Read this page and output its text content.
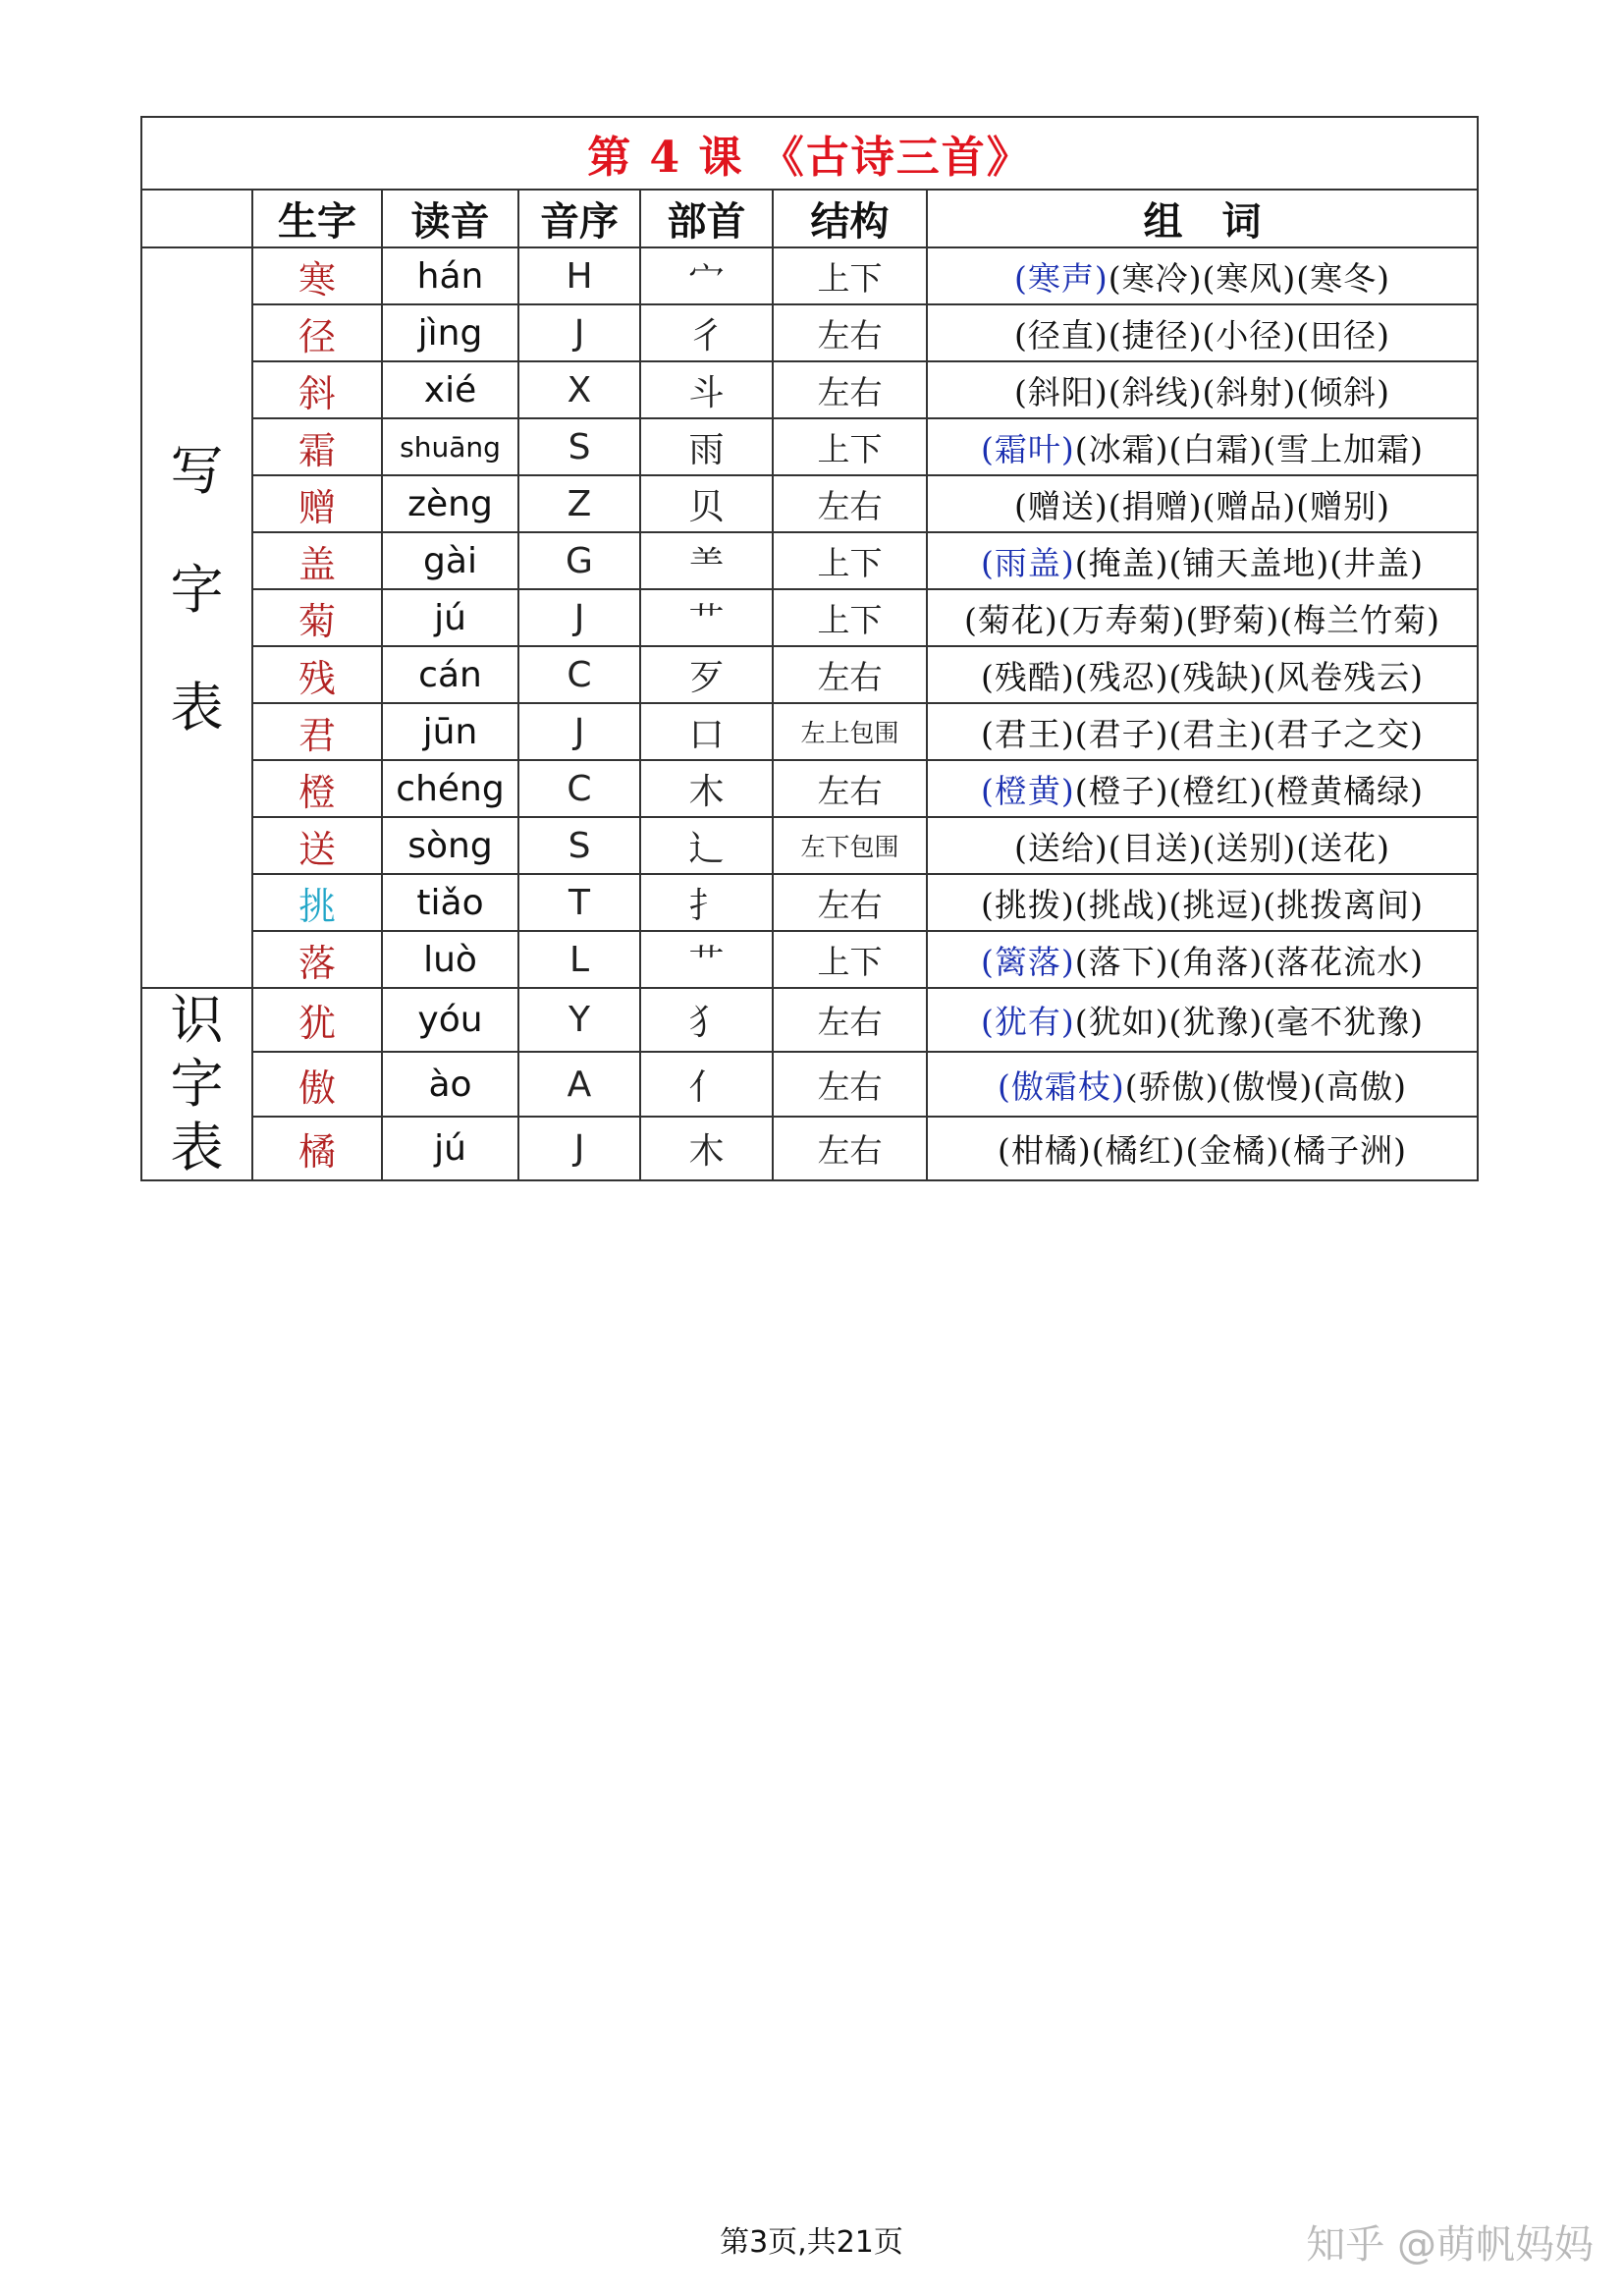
第 4 课 《古诗三首》						
	生字	读音	音序	部首	结构	组　词

写
字
表	寒	hán	H	宀	上下	(寒声)(寒冷)(寒风)(寒冬)
	径	jìng	J	彳	左右	(径直)(捷径)(小径)(田径)
	斜	xié	X	斗	左右	(斜阳)(斜线)(斜射)(倾斜)
	霜	shuāng	S	雨	上下	(霜叶)(冰霜)(白霜)(雪上加霜)
	赠	zèng	Z	贝	左右	(赠送)(捐赠)(赠品)(赠别)
	盖	gài	G	⺷	上下	(雨盖)(掩盖)(铺天盖地)(井盖)
	菊	jú	J	艹	上下	(菊花)(万寿菊)(野菊)(梅兰竹菊)
	残	cán	C	歹	左右	(残酷)(残忍)(残缺)(风卷残云)
	君	jūn	J	口	左上包围	(君王)(君子)(君主)(君子之交)
	橙	chéng	C	木	左右	(橙黄)(橙子)(橙红)(橙黄橘绿)
	送	sòng	S	辶	左下包围	(送给)(目送)(送别)(送花)
	挑	tiǎo	T	扌	左右	(挑拨)(挑战)(挑逗)(挑拨离间)
	落	luò	L	艹	上下	(篱落)(落下)(角落)(落花流水)

识
字
表	犹	yóu	Y	犭	左右	(犹有)(犹如)(犹豫)(毫不犹豫)
	傲	ào	A	亻	左右	(傲霜枝)(骄傲)(傲慢)(高傲)
	橘	jú	J	木	左右	(柑橘)(橘红)(金橘)(橘子洲)
第3页,共21页	知乎 @萌帆妈妈
